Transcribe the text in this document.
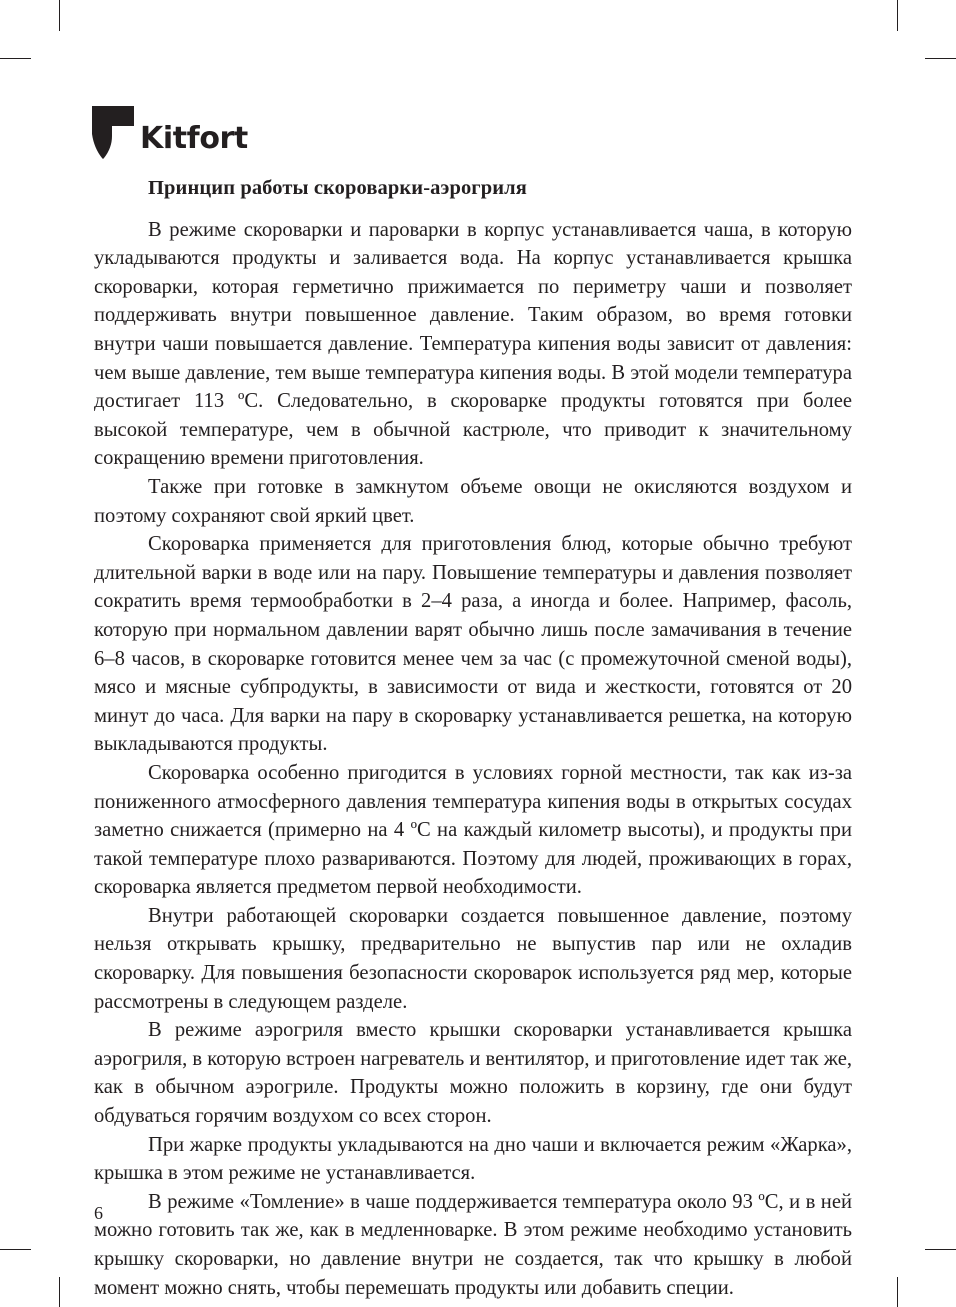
Kitfort
Принцип работы скороварки-аэрогриля

В режиме скороварки и пароварки в корпус устанавливается чаша, в которую укладываются продукты и заливается вода. На корпус устанавливается крышка скороварки, которая герметично прижимается по периметру чаши и позволяет поддерживать внутри повышенное давление. Таким образом, во время готовки внутри чаши повышается давление. Температура кипения воды зависит от давления: чем выше давление, тем выше температура кипения воды. В этой модели температура достигает 113 ºC. Следовательно, в скороварке продукты готовятся при более высокой температуре, чем в обычной кастрюле, что приводит к значительному сокращению времени приготовления.

Также при готовке в замкнутом объеме овощи не окисляются воздухом и поэтому сохраняют свой яркий цвет.

Скороварка применяется для приготовления блюд, которые обычно требуют длительной варки в воде или на пару. Повышение температуры и давления позволяет сократить время термообработки в 2–4 раза, а иногда и более. Например, фасоль, которую при нормальном давлении варят обычно лишь после замачивания в течение 6–8 часов, в скороварке готовится менее чем за час (с промежуточной сменой воды), мясо и мясные субпродукты, в зависимости от вида и жесткости, готовятся от 20 минут до часа. Для варки на пару в скороварку устанавливается решетка, на которую выкладываются продукты.

Скороварка особенно пригодится в условиях горной местности, так как из-за пониженного атмосферного давления температура кипения воды в открытых сосудах заметно снижается (примерно на 4 ºC на каждый километр высоты), и продукты при такой температуре плохо развариваются. Поэтому для людей, проживающих в горах, скороварка является предметом первой необходимости.

Внутри работающей скороварки создается повышенное давление, поэтому нельзя открывать крышку, предварительно не выпустив пар или не охладив скороварку. Для повышения безопасности скороварок используется ряд мер, которые рассмотрены в следующем разделе.

В режиме аэрогриля вместо крышки скороварки устанавливается крышка аэрогриля, в которую встроен нагреватель и вентилятор, и приготовление идет так же, как в обычном аэрогриле. Продукты можно положить в корзину, где они будут обдуваться горячим воздухом со всех сторон.

При жарке продукты укладываются на дно чаши и включается режим «Жарка», крышка в этом режиме не устанавливается.

В режиме «Томление» в чаше поддерживается температура около 93 ºC, и в ней можно готовить так же, как в медленноварке. В этом режиме необходимо установить крышку скороварки, но давление внутри не создается, так что крышку в любой момент можно снять, чтобы перемешать продукты или добавить специи.

6
